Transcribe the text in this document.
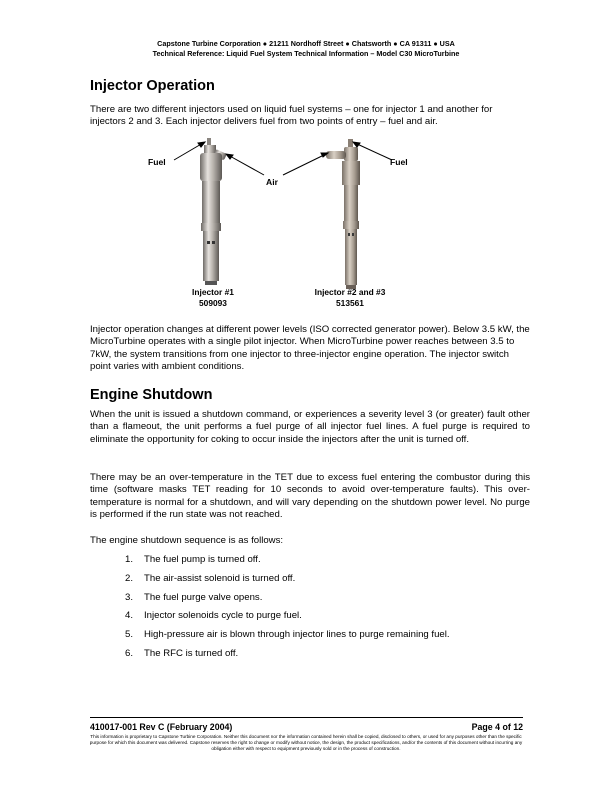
Capstone Turbine Corporation ● 21211 Nordhoff Street ● Chatsworth ● CA 91311 ● USA
Technical Reference: Liquid Fuel System Technical Information – Model C30 MicroTurbine
Injector Operation
There are two different injectors used on liquid fuel systems – one for injector 1 and another for injectors 2 and 3. Each injector delivers fuel from two points of entry – fuel and air.
Fuel
Air
Fuel
Injector #1
509093
Injector #2 and #3
513561
Injector operation changes at different power levels (ISO corrected generator power). Below 3.5 kW, the MicroTurbine operates with a single pilot injector. When MicroTurbine power reaches between 3.5 to 7kW, the system transitions from one injector to three-injector engine operation. The injector switch point varies with ambient conditions.
Engine Shutdown
When the unit is issued a shutdown command, or experiences a severity level 3 (or greater) fault other than a flameout, the unit performs a fuel purge of all injector fuel lines. A fuel purge is required to eliminate the opportunity for coking to occur inside the injectors after the unit is turned off.
There may be an over-temperature in the TET due to excess fuel entering the combustor during this time (software masks TET reading for 10 seconds to avoid over-temperature faults). This over-temperature is normal for a shutdown, and will vary depending on the shutdown power level. No purge is performed if the run state was not reached.
The engine shutdown sequence is as follows:
1. The fuel pump is turned off.
2. The air-assist solenoid is turned off.
3. The fuel purge valve opens.
4. Injector solenoids cycle to purge fuel.
5. High-pressure air is blown through injector lines to purge remaining fuel.
6. The RFC is turned off.
410017-001 Rev C (February 2004)	Page 4 of 12
This information is proprietary to Capstone Turbine Corporation. Neither this document nor the information contained herein shall be copied, disclosed to others, or used for any purposes other than the specific purpose for which this document was delivered. Capstone reserves the right to change or modify without notice, the design, the product specifications, and/or the contents of this document without incurring any obligation either with respect to equipment previously sold or in the process of construction.
